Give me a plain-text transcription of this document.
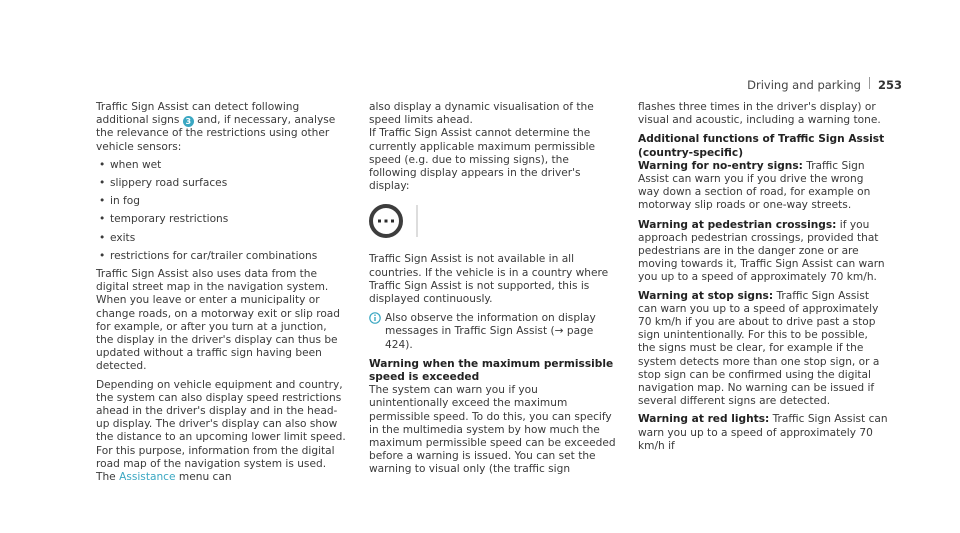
Driving and parking 253

Traffic Sign Assist can detect following additional signs 3 and, if necessary, analyse the relevance of the restrictions using other vehicle sensors:

• when wet
• slippery road surfaces
• in fog
• temporary restrictions
• exits
• restrictions for car/trailer combinations

Traffic Sign Assist also uses data from the digital street map in the navigation system. When you leave or enter a municipality or change roads, on a motorway exit or slip road for example, or after you turn at a junction, the display in the driver's display can thus be updated without a traffic sign having been detected.

Depending on vehicle equipment and country, the system can also display speed restrictions ahead in the driver's display and in the head-up display. The driver's display can also show the distance to an upcoming lower limit speed. For this purpose, information from the digital road map of the navigation system is used. The Assistance menu can

also display a dynamic visualisation of the speed limits ahead.

If Traffic Sign Assist cannot determine the currently applicable maximum permissible speed (e.g. due to missing signs), the following display appears in the driver's display:

Traffic Sign Assist is not available in all countries. If the vehicle is in a country where Traffic Sign Assist is not supported, this is displayed continuously.

Also observe the information on display messages in Traffic Sign Assist (→ page 424).
Warning when the maximum permissible speed is exceeded

The system can warn you if you unintentionally exceed the maximum permissible speed. To do this, you can specify in the multimedia system by how much the maximum permissible speed can be exceeded before a warning is issued. You can set the warning to visual only (the traffic sign

flashes three times in the driver's display) or visual and acoustic, including a warning tone.

Additional functions of Traffic Sign Assist (country-specific)

Warning for no-entry signs: Traffic Sign Assist can warn you if you drive the wrong way down a section of road, for example on motorway slip roads or one-way streets.

Warning at pedestrian crossings: if you approach pedestrian crossings, provided that pedestrians are in the danger zone or are moving towards it, Traffic Sign Assist can warn you up to a speed of approximately 70 km/h.

Warning at stop signs: Traffic Sign Assist can warn you up to a speed of approximately 70 km/h if you are about to drive past a stop sign unintentionally. For this to be possible, the signs must be clear, for example if the system detects more than one stop sign, or a stop sign can be confirmed using the digital navigation map. No warning can be issued if several different signs are detected.

Warning at red lights: Traffic Sign Assist can warn you up to a speed of approximately 70 km/h if
